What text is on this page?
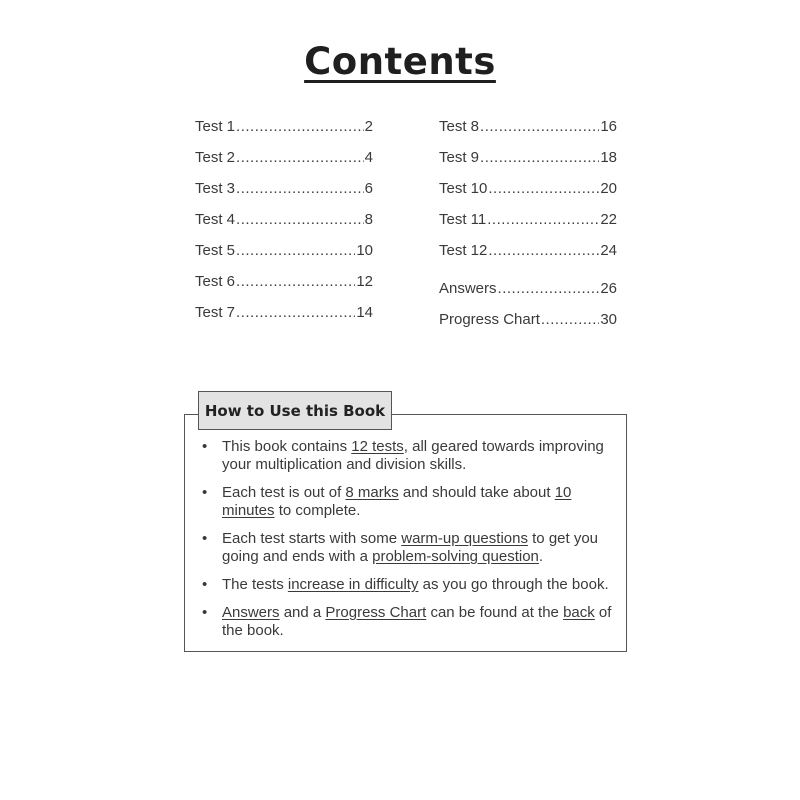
Contents
Test 1 .....	2
Test 2 .....	4
Test 3 .....	6
Test 4 .....	8
Test 5 .....	10
Test 6 .....	12
Test 7 .....	14
Test 8 .....	16
Test 9 .....	18
Test 10 .....	20
Test 11 .....	22
Test 12 .....	24
Answers .....	26
Progress Chart .....	30
How to Use this Book
• This book contains 12 tests, all geared towards improving your multiplication and division skills.
• Each test is out of 8 marks and should take about 10 minutes to complete.
• Each test starts with some warm-up questions to get you going and ends with a problem-solving question.
• The tests increase in difficulty as you go through the book.
• Answers and a Progress Chart can be found at the back of the book.
